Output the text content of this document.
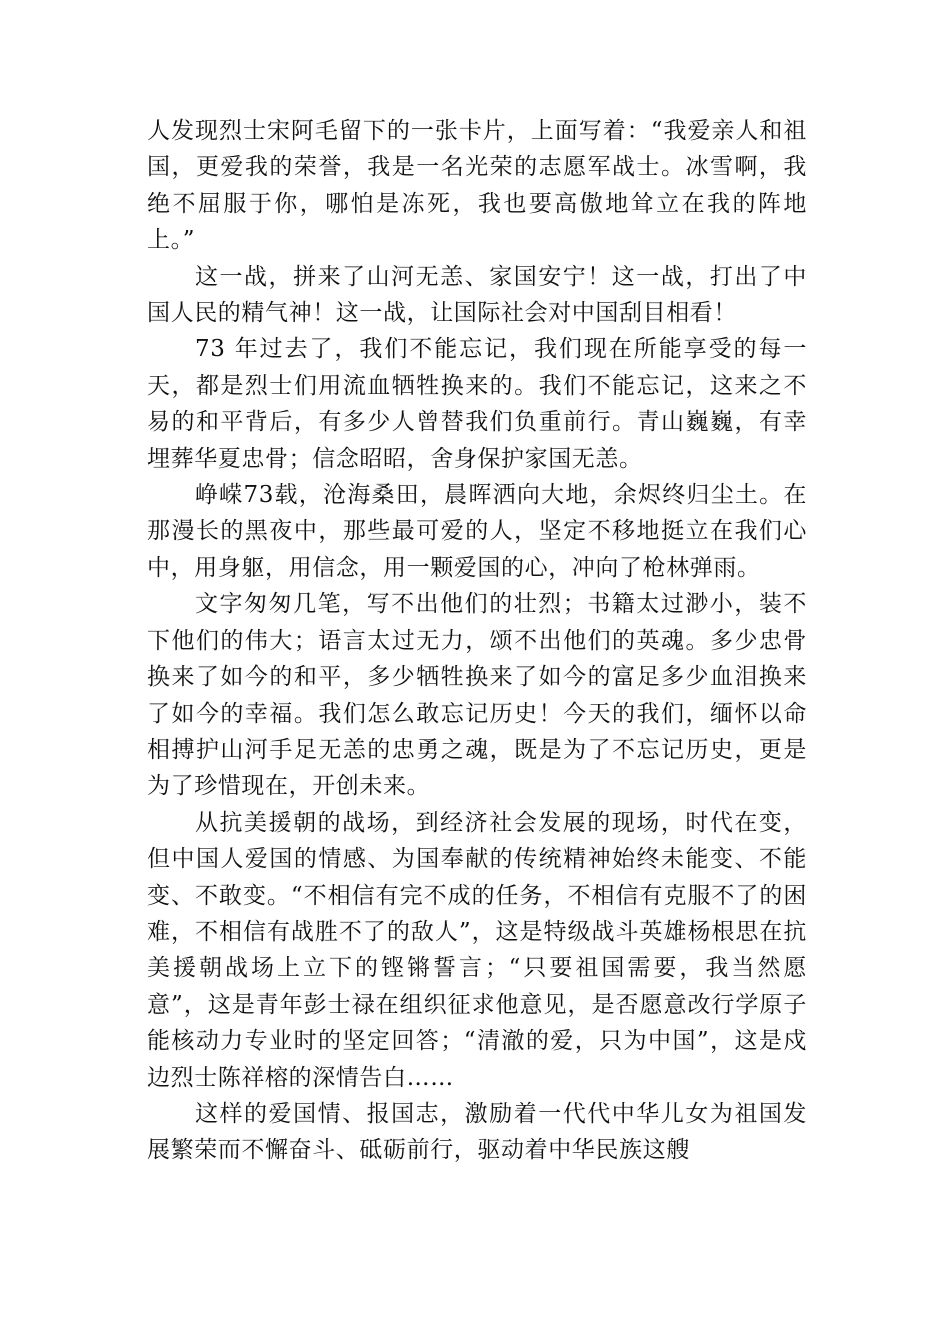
人发现烈士宋阿毛留下的一张卡片，上面写着：“我爱亲人和祖国，更爱我的荣誉，我是一名光荣的志愿军战士。冰雪啊，我绝不屈服于你，哪怕是冻死，我也要高傲地耸立在我的阵地上。”

这一战，拼来了山河无恙、家国安宁！这一战，打出了中国人民的精气神！这一战，让国际社会对中国刮目相看！

73 年过去了，我们不能忘记，我们现在所能享受的每一天，都是烈士们用流血牺牲换来的。我们不能忘记，这来之不易的和平背后，有多少人曾替我们负重前行。青山巍巍，有幸埋葬华夏忠骨；信念昭昭，舍身保护家国无恙。

峥嵘73载，沧海桑田，晨晖洒向大地，余烬终归尘土。在那漫长的黑夜中，那些最可爱的人，坚定不移地挺立在我们心中，用身躯，用信念，用一颗爱国的心，冲向了枪林弹雨。

文字匆匆几笔，写不出他们的壮烈；书籍太过渺小，装不下他们的伟大；语言太过无力，颂不出他们的英魂。多少忠骨换来了如今的和平，多少牺牲换来了如今的富足多少血泪换来了如今的幸福。我们怎么敢忘记历史！今天的我们，缅怀以命相搏护山河手足无恙的忠勇之魂，既是为了不忘记历史，更是为了珍惜现在，开创未来。

从抗美援朝的战场，到经济社会发展的现场，时代在变，但中国人爱国的情感、为国奉献的传统精神始终未能变、不能变、不敢变。“不相信有完不成的任务，不相信有克服不了的困难，不相信有战胜不了的敌人”，这是特级战斗英雄杨根思在抗美援朝战场上立下的铿锵誓言；“只要祖国需要，我当然愿意”，这是青年彭士禄在组织征求他意见，是否愿意改行学原子能核动力专业时的坚定回答；“清澈的爱，只为中国”，这是戍边烈士陈祥榕的深情告白……

这样的爱国情、报国志，激励着一代代中华儿女为祖国发展繁荣而不懈奋斗、砥砺前行，驱动着中华民族这艘
